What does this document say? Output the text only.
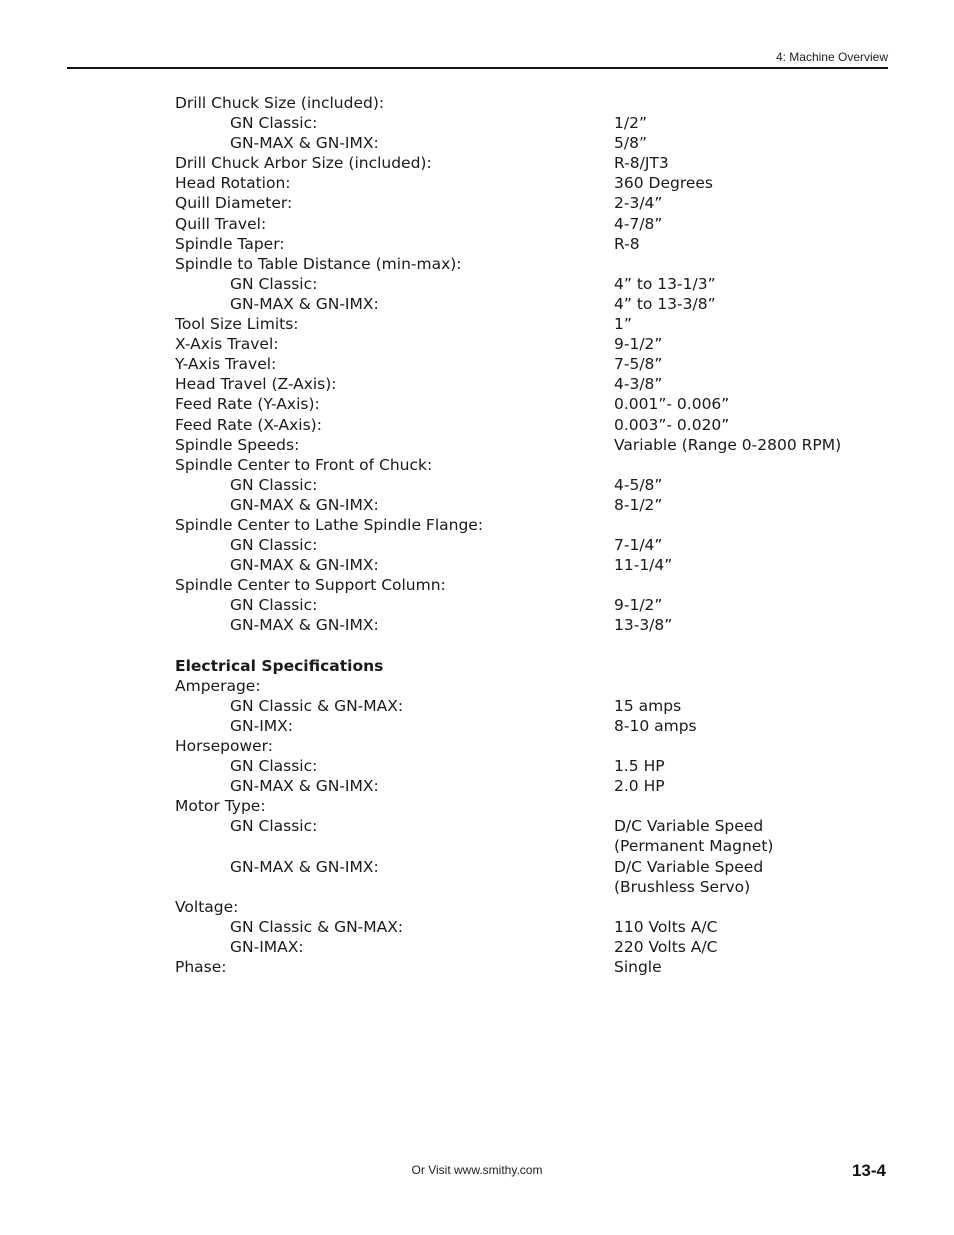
4: Machine Overview
Drill Chuck Size (included):
GN Classic:	1/2”
GN-MAX & GN-IMX:	5/8”
Drill Chuck Arbor Size (included):	R-8/JT3
Head Rotation:	360 Degrees
Quill Diameter:	2-3/4”
Quill Travel:	4-7/8”
Spindle Taper:	R-8
Spindle to Table Distance (min-max):
GN Classic:	4” to 13-1/3”
GN-MAX & GN-IMX:	4” to 13-3/8”
Tool Size Limits:	1”
X-Axis Travel:	9-1/2”
Y-Axis Travel:	7-5/8”
Head Travel (Z-Axis):	4-3/8”
Feed Rate (Y-Axis):	0.001”- 0.006”
Feed Rate (X-Axis):	0.003”- 0.020”
Spindle Speeds:	Variable (Range 0-2800 RPM)
Spindle Center to Front of Chuck:
GN Classic:	4-5/8”
GN-MAX & GN-IMX:	8-1/2”
Spindle Center to Lathe Spindle Flange:
GN Classic:	7-1/4”
GN-MAX & GN-IMX:	11-1/4”
Spindle Center to Support Column:
GN Classic:	9-1/2”
GN-MAX & GN-IMX:	13-3/8”
Electrical Specifications
Amperage:
GN Classic & GN-MAX:	15 amps
GN-IMX:	8-10 amps
Horsepower:
GN Classic:	1.5 HP
GN-MAX & GN-IMX:	2.0 HP
Motor Type:
GN Classic:	D/C Variable Speed
(Permanent Magnet)
GN-MAX & GN-IMX:	D/C Variable Speed
(Brushless Servo)
Voltage:
GN Classic & GN-MAX:	110 Volts A/C
GN-IMAX:	220 Volts A/C
Phase:	Single
Or Visit www.smithy.com	13-4
